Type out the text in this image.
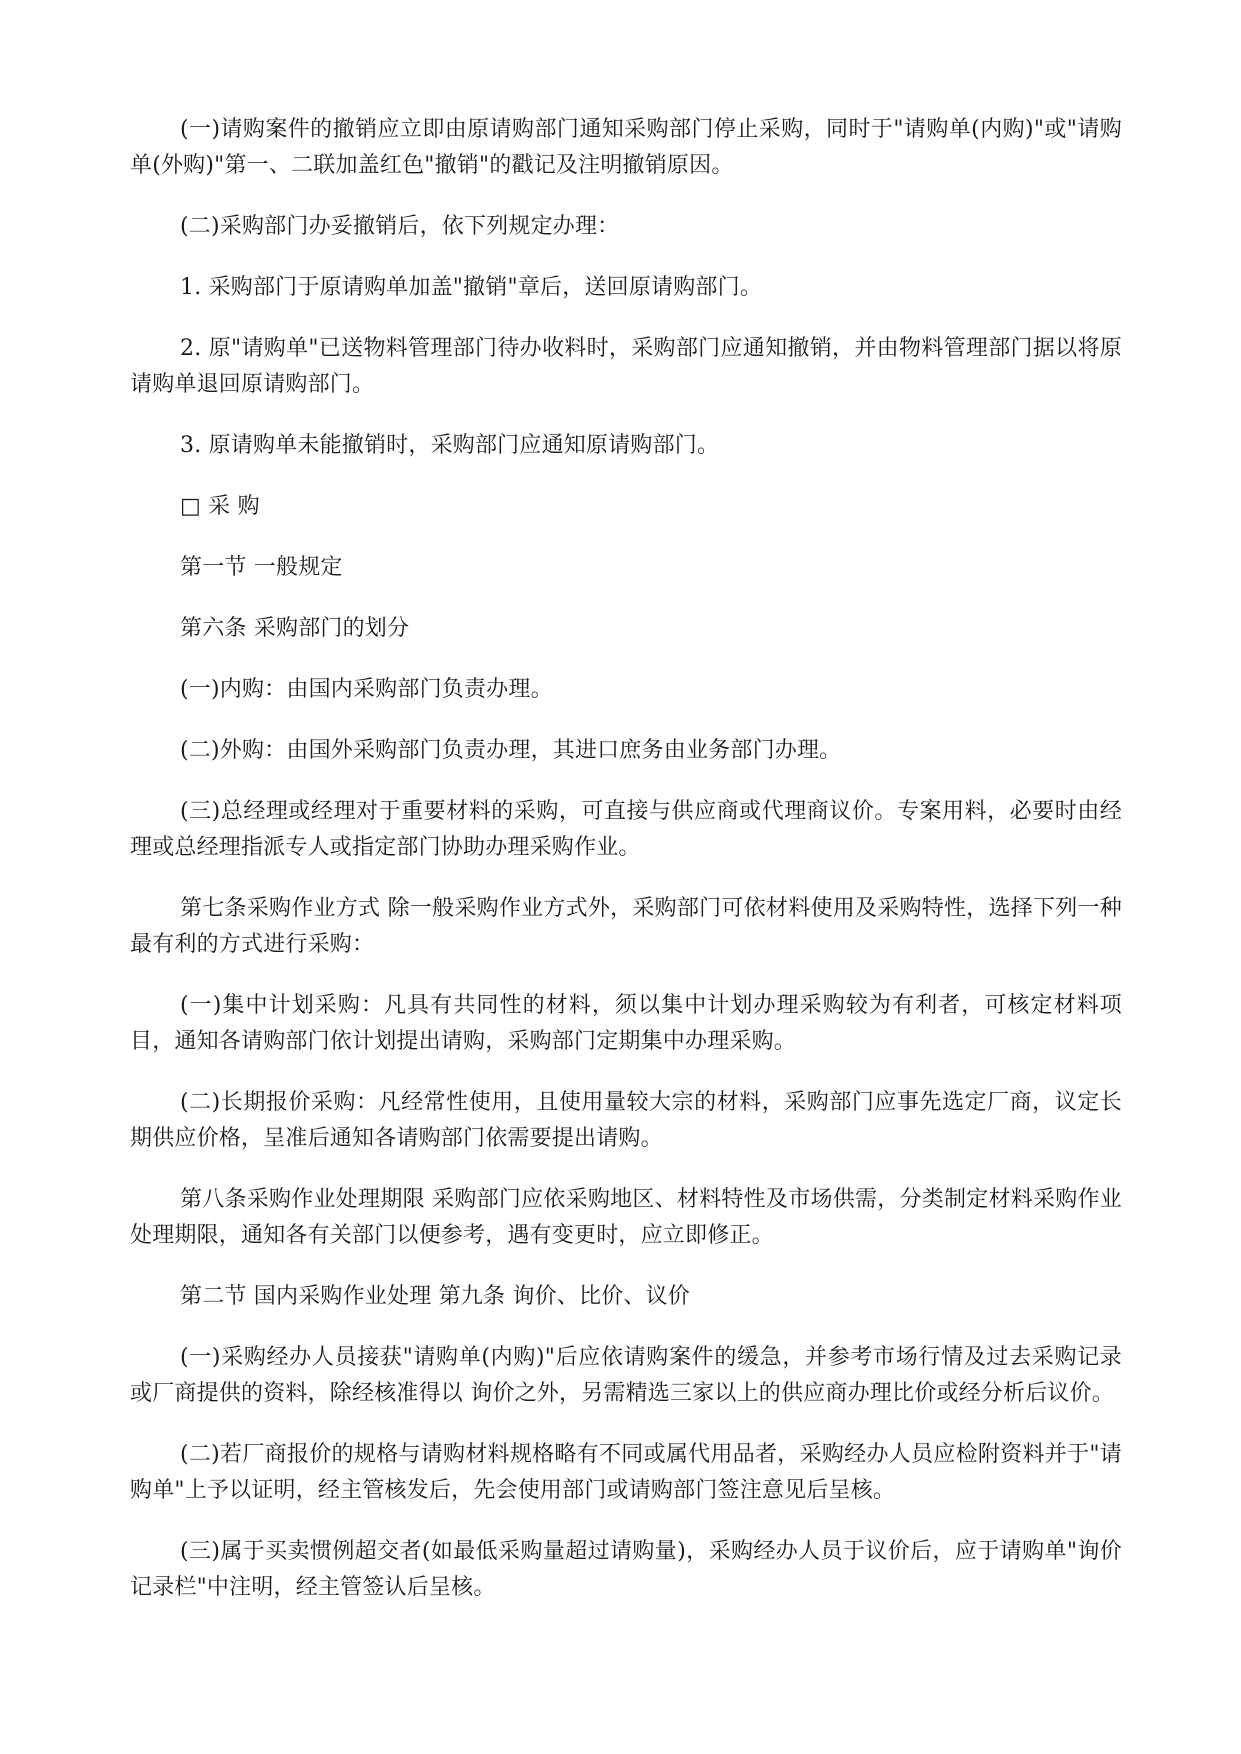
(一)请购案件的撤销应立即由原请购部门通知采购部门停止采购，同时于"请购单(内购)"或"请购单(外购)"第一、二联加盖红色"撤销"的戳记及注明撤销原因。

(二)采购部门办妥撤销后，依下列规定办理：

1. 采购部门于原请购单加盖"撤销"章后，送回原请购部门。

2. 原"请购单"已送物料管理部门待办收料时，采购部门应通知撤销，并由物料管理部门据以将原请购单退回原请购部门。

3. 原请购单未能撤销时，采购部门应通知原请购部门。

□ 采 购

第一节 一般规定

第六条 采购部门的划分

(一)内购：由国内采购部门负责办理。

(二)外购：由国外采购部门负责办理，其进口庶务由业务部门办理。

(三)总经理或经理对于重要材料的采购，可直接与供应商或代理商议价。专案用料，必要时由经理或总经理指派专人或指定部门协助办理采购作业。

第七条采购作业方式 除一般采购作业方式外，采购部门可依材料使用及采购特性，选择下列一种最有利的方式进行采购：

(一)集中计划采购：凡具有共同性的材料，须以集中计划办理采购较为有利者，可核定材料项目，通知各请购部门依计划提出请购，采购部门定期集中办理采购。

(二)长期报价采购：凡经常性使用，且使用量较大宗的材料，采购部门应事先选定厂商，议定长期供应价格，呈准后通知各请购部门依需要提出请购。

第八条采购作业处理期限 采购部门应依采购地区、材料特性及市场供需，分类制定材料采购作业处理期限，通知各有关部门以便参考，遇有变更时，应立即修正。

第二节 国内采购作业处理 第九条 询价、比价、议价

(一)采购经办人员接获"请购单(内购)"后应依请购案件的缓急，并参考市场行情及过去采购记录或厂商提供的资料，除经核准得以 询价之外，另需精选三家以上的供应商办理比价或经分析后议价。

(二)若厂商报价的规格与请购材料规格略有不同或属代用品者，采购经办人员应检附资料并于"请购单"上予以证明，经主管核发后，先会使用部门或请购部门签注意见后呈核。

(三)属于买卖惯例超交者(如最低采购量超过请购量)，采购经办人员于议价后，应于请购单"询价记录栏"中注明，经主管签认后呈核。
